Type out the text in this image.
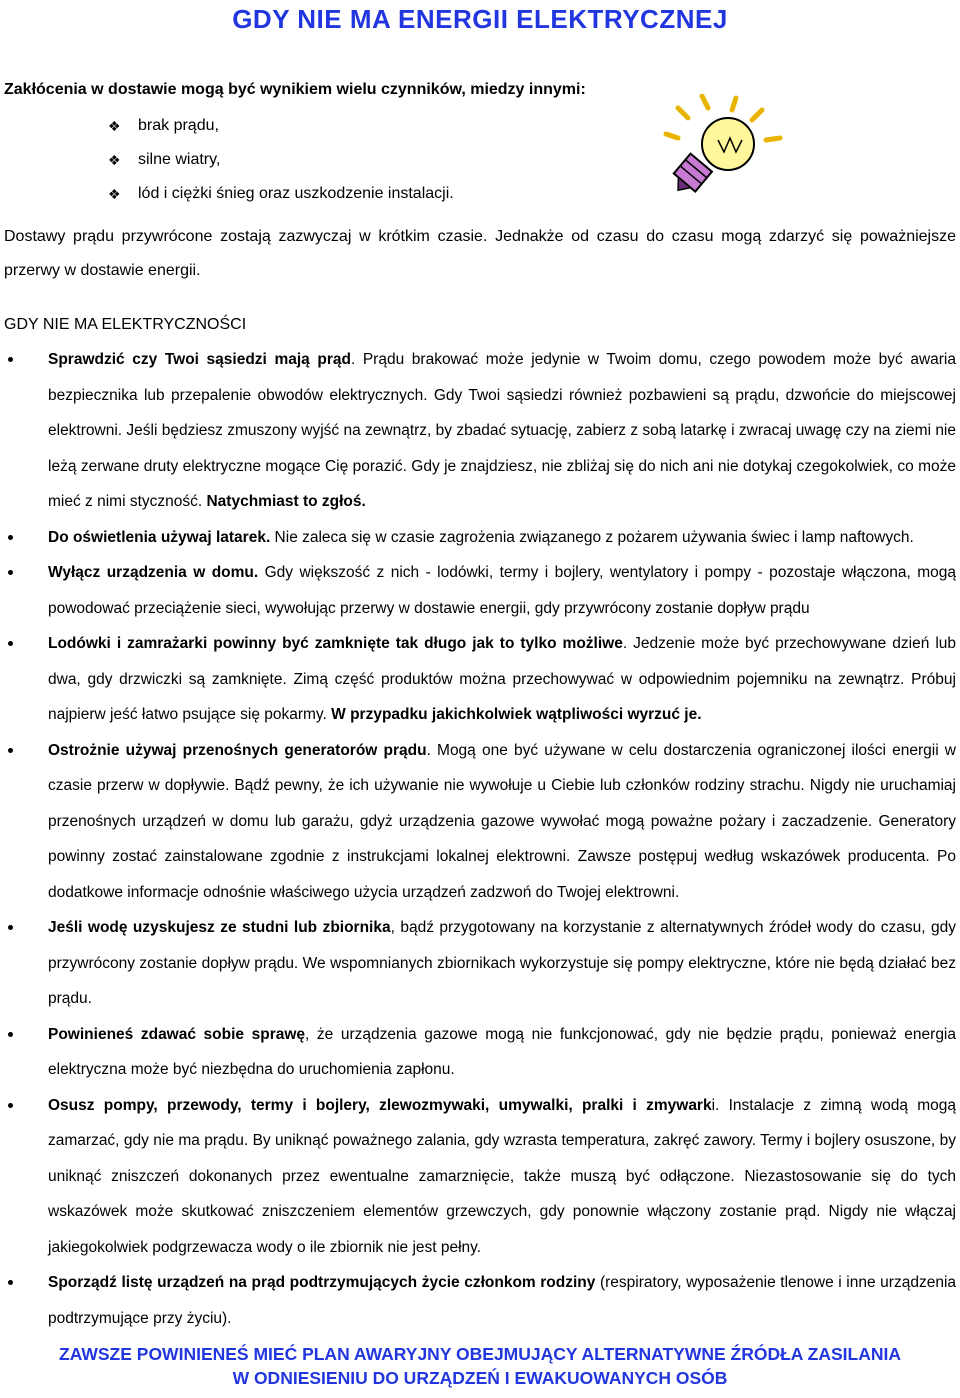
GDY NIE MA ENERGII ELEKTRYCZNEJ
Zakłócenia w dostawie mogą być wynikiem wielu czynników, miedzy innymi:
❖	brak prądu,
❖	silne wiatry,
❖	lód i ciężki śnieg oraz uszkodzenie instalacji.
Dostawy prądu przywrócone zostają zazwyczaj w krótkim czasie. Jednakże od czasu do czasu mogą zdarzyć się poważniejsze przerwy w dostawie energii.
GDY NIE MA ELEKTRYCZNOŚCI
Sprawdzić czy Twoi sąsiedzi mają prąd. Prądu brakować może jedynie w Twoim domu, czego powodem może być awaria bezpiecznika lub przepalenie obwodów elektrycznych. Gdy Twoi sąsiedzi również pozbawieni są prądu, dzwońcie do miejscowej elektrowni. Jeśli będziesz zmuszony wyjść na zewnątrz, by zbadać sytuację, zabierz z sobą latarkę i zwracaj uwagę czy na ziemi nie leżą zerwane druty elektryczne mogące Cię porazić. Gdy je znajdziesz, nie zbliżaj się do nich ani nie dotykaj czegokolwiek, co może mieć z nimi styczność. Natychmiast to zgłoś.
Do oświetlenia używaj latarek. Nie zaleca się w czasie zagrożenia związanego z pożarem używania świec i lamp naftowych.
Wyłącz urządzenia w domu. Gdy większość z nich - lodówki, termy i bojlery, wentylatory i pompy - pozostaje włączona, mogą powodować przeciążenie sieci, wywołując przerwy w dostawie energii, gdy przywrócony zostanie dopływ prądu
Lodówki i zamrażarki powinny być zamknięte tak długo jak to tylko możliwe. Jedzenie może być przechowywane dzień lub dwa, gdy drzwiczki są zamknięte. Zimą część produktów można przechowywać w odpowiednim pojemniku na zewnątrz. Próbuj najpierw jeść łatwo psujące się pokarmy. W przypadku jakichkolwiek wątpliwości wyrzuć je.
Ostrożnie używaj przenośnych generatorów prądu. Mogą one być używane w celu dostarczenia ograniczonej ilości energii w czasie przerw w dopływie. Bądź pewny, że ich używanie nie wywołuje u Ciebie lub członków rodziny strachu. Nigdy nie uruchamiaj przenośnych urządzeń w domu lub garażu, gdyż urządzenia gazowe wywołać mogą poważne pożary i zaczadzenie. Generatory powinny zostać zainstalowane zgodnie z instrukcjami lokalnej elektrowni. Zawsze postępuj według wskazówek producenta. Po dodatkowe informacje odnośnie właściwego użycia urządzeń zadzwoń do Twojej elektrowni.
Jeśli wodę uzyskujesz ze studni lub zbiornika, bądź przygotowany na korzystanie z alternatywnych źródeł wody do czasu, gdy przywrócony zostanie dopływ prądu. We wspomnianych zbiornikach wykorzystuje się pompy elektryczne, które nie będą działać bez prądu.
Powinieneś zdawać sobie sprawę, że urządzenia gazowe mogą nie funkcjonować, gdy nie będzie prądu, ponieważ energia elektryczna może być niezbędna do uruchomienia zapłonu.
Osusz pompy, przewody, termy i bojlery, zlewozmywaki, umywalki, pralki i zmywarki. Instalacje z zimną wodą mogą zamarzać, gdy nie ma prądu. By uniknąć poważnego zalania, gdy wzrasta temperatura, zakręć zawory. Termy i bojlery osuszone, by uniknąć zniszczeń dokonanych przez ewentualne zamarznięcie, także muszą być odłączone. Niezastosowanie się do tych wskazówek może skutkować zniszczeniem elementów grzewczych, gdy ponownie włączony zostanie prąd. Nigdy nie włączaj jakiegokolwiek podgrzewacza wody o ile zbiornik nie jest pełny.
Sporządź listę urządzeń na prąd podtrzymujących życie członkom rodziny (respiratory, wyposażenie tlenowe i inne urządzenia podtrzymujące przy życiu).
ZAWSZE POWINIENEŚ MIEĆ PLAN AWARYJNY OBEJMUJĄCY ALTERNATYWNE ŹRÓDŁA ZASILANIA
W ODNIESIENIU DO URZĄDZEŃ I EWAKUOWANYCH OSÓB
